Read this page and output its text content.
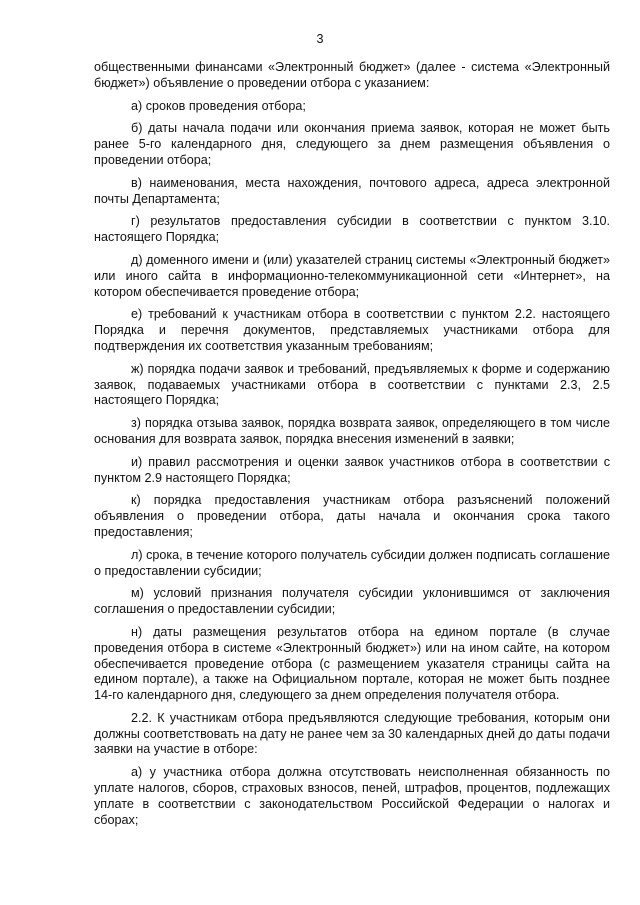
3

общественными финансами «Электронный бюджет» (далее - система «Электронный бюджет») объявление о проведении отбора с указанием:

а) сроков проведения отбора;

б) даты начала подачи или окончания приема заявок, которая не может быть ранее 5-го календарного дня, следующего за днем размещения объявления о проведении отбора;

в) наименования, места нахождения, почтового адреса, адреса электронной почты Департамента;

г) результатов предоставления субсидии в соответствии с пунктом 3.10. настоящего Порядка;

д) доменного имени и (или) указателей страниц системы «Электронный бюджет» или иного сайта в информационно-телекоммуникационной сети «Интернет», на котором обеспечивается проведение отбора;

е) требований к участникам отбора в соответствии с пунктом 2.2. настоящего Порядка и перечня документов, представляемых участниками отбора для подтверждения их соответствия указанным требованиям;

ж) порядка подачи заявок и требований, предъявляемых к форме и содержанию заявок, подаваемых участниками отбора в соответствии с пунктами 2.3, 2.5 настоящего Порядка;

з) порядка отзыва заявок, порядка возврата заявок, определяющего в том числе основания для возврата заявок, порядка внесения изменений в заявки;

и) правил рассмотрения и оценки заявок участников отбора в соответствии с пунктом 2.9 настоящего Порядка;

к) порядка предоставления участникам отбора разъяснений положений объявления о проведении отбора, даты начала и окончания срока такого предоставления;

л) срока, в течение которого получатель субсидии должен подписать соглашение о предоставлении субсидии;

м) условий признания получателя субсидии уклонившимся от заключения соглашения о предоставлении субсидии;

н) даты размещения результатов отбора на едином портале (в случае проведения отбора в системе «Электронный бюджет») или на ином сайте, на котором обеспечивается проведение отбора (с размещением указателя страницы сайта на едином портале), а также на Официальном портале, которая не может быть позднее 14-го календарного дня, следующего за днем определения получателя отбора.

2.2. К участникам отбора предъявляются следующие требования, которым они должны соответствовать на дату не ранее чем за 30 календарных дней до даты подачи заявки на участие в отборе:

а) у участника отбора должна отсутствовать неисполненная обязанность по уплате налогов, сборов, страховых взносов, пеней, штрафов, процентов, подлежащих уплате в соответствии с законодательством Российской Федерации о налогах и сборах;
